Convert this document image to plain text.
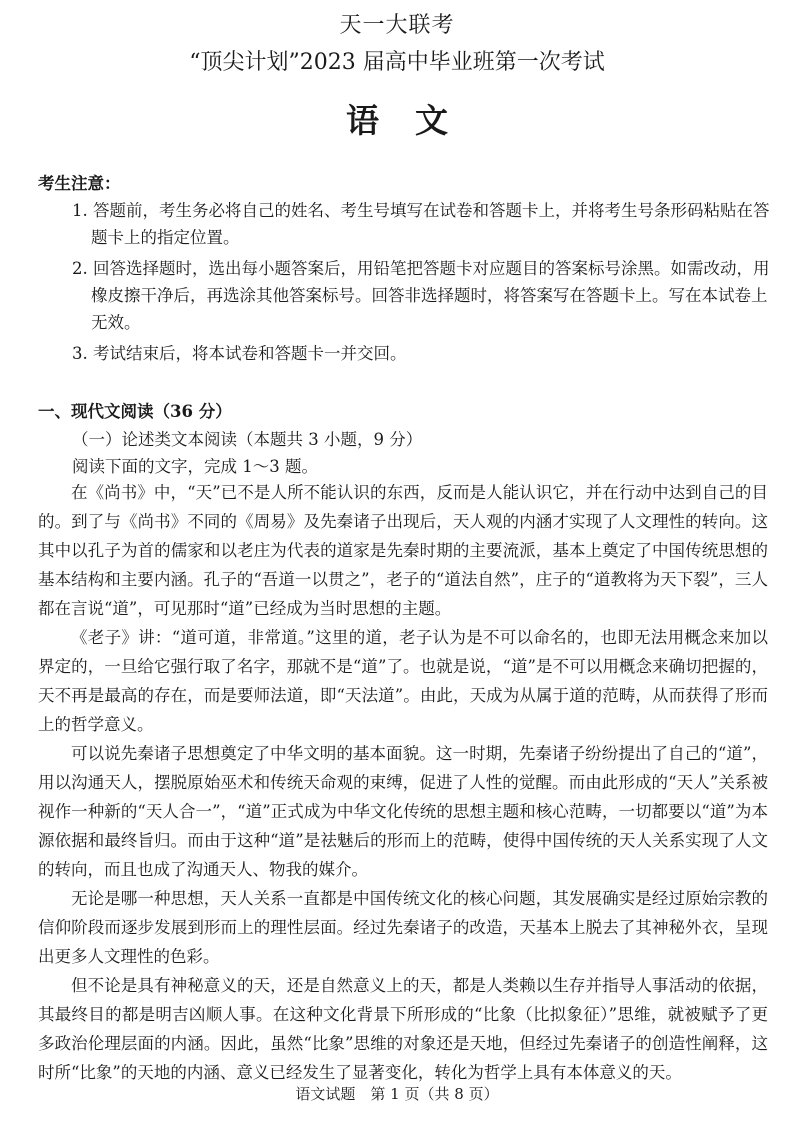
天一大联考
“顶尖计划”2023 届高中毕业班第一次考试
语文
考生注意：

1. 答题前，考生务必将自己的姓名、考生号填写在试卷和答题卡上，并将考生号条形码粘贴在答题卡上的指定位置。

2. 回答选择题时，选出每小题答案后，用铅笔把答题卡对应题目的答案标号涂黑。如需改动，用橡皮擦干净后，再选涂其他答案标号。回答非选择题时，将答案写在答题卡上。写在本试卷上无效。

3. 考试结束后，将本试卷和答题卡一并交回。

一、现代文阅读（36 分）
（一）论述类文本阅读（本题共 3 小题，9 分）
阅读下面的文字，完成 1～3 题。

在《尚书》中，“天”已不是人所不能认识的东西，反而是人能认识它，并在行动中达到自己的目的。到了与《尚书》不同的《周易》及先秦诸子出现后，天人观的内涵才实现了人文理性的转向。这其中以孔子为首的儒家和以老庄为代表的道家是先秦时期的主要流派，基本上奠定了中国传统思想的基本结构和主要内涵。孔子的“吾道一以贯之”，老子的“道法自然”，庄子的“道教将为天下裂”，三人都在言说“道”，可见那时“道”已经成为当时思想的主题。

《老子》讲：“道可道，非常道。”这里的道，老子认为是不可以命名的，也即无法用概念来加以界定的，一旦给它强行取了名字，那就不是“道”了。也就是说，“道”是不可以用概念来确切把握的，天不再是最高的存在，而是要师法道，即“天法道”。由此，天成为从属于道的范畴，从而获得了形而上的哲学意义。

可以说先秦诸子思想奠定了中华文明的基本面貌。这一时期，先秦诸子纷纷提出了自己的“道”，用以沟通天人，摆脱原始巫术和传统天命观的束缚，促进了人性的觉醒。而由此形成的“天人”关系被视作一种新的“天人合一”，“道”正式成为中华文化传统的思想主题和核心范畴，一切都要以“道”为本源依据和最终旨归。而由于这种“道”是祛魅后的形而上的范畴，使得中国传统的天人关系实现了人文的转向，而且也成了沟通天人、物我的媒介。

无论是哪一种思想，天人关系一直都是中国传统文化的核心问题，其发展确实是经过原始宗教的信仰阶段而逐步发展到形而上的理性层面。经过先秦诸子的改造，天基本上脱去了其神秘外衣，呈现出更多人文理性的色彩。

但不论是具有神秘意义的天，还是自然意义上的天，都是人类赖以生存并指导人事活动的依据，其最终目的都是明吉凶顺人事。在这种文化背景下所形成的“比象（比拟象征）”思维，就被赋予了更多政治伦理层面的内涵。因此，虽然“比象”思维的对象还是天地，但经过先秦诸子的创造性阐释，这时所“比象”的天地的内涵、意义已经发生了显著变化，转化为哲学上具有本体意义的天。

语文试题　第 1 页（共 8 页）
